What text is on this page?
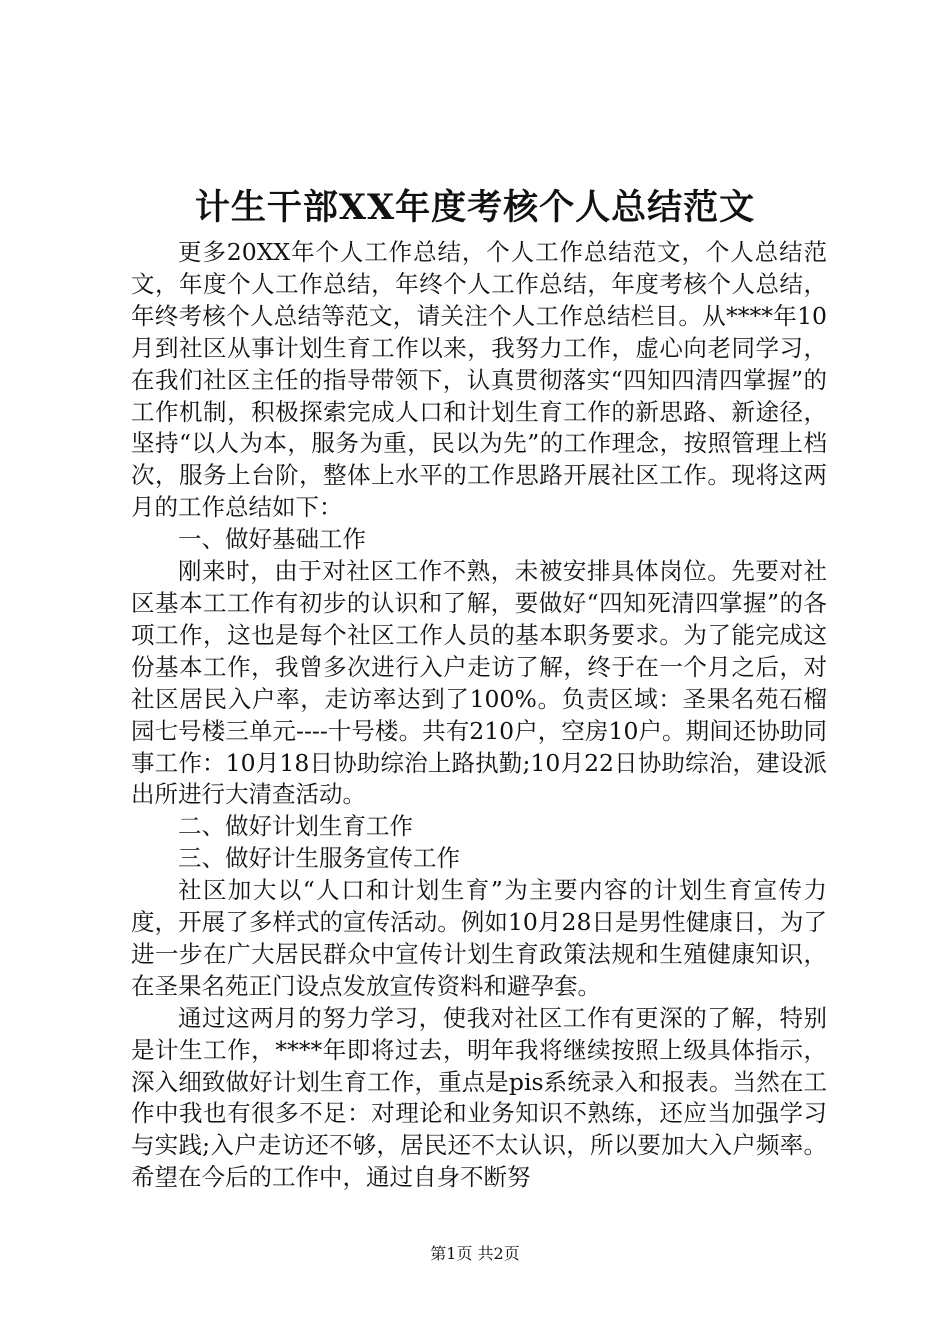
计生干部XX年度考核个人总结范文

更多20XX年个人工作总结，个人工作总结范文，个人总结范文，年度个人工作总结，年终个人工作总结，年度考核个人总结，年终考核个人总结等范文，请关注个人工作总结栏目。从****年10月到社区从事计划生育工作以来，我努力工作，虚心向老同学习，在我们社区主任的指导带领下，认真贯彻落实“四知四清四掌握”的工作机制，积极探索完成人口和计划生育工作的新思路、新途径，坚持“以人为本，服务为重，民以为先”的工作理念，按照管理上档次，服务上台阶，整体上水平的工作思路开展社区工作。现将这两月的工作总结如下：

一、做好基础工作

刚来时，由于对社区工作不熟，未被安排具体岗位。先要对社区基本工工作有初步的认识和了解，要做好“四知死清四掌握”的各项工作，这也是每个社区工作人员的基本职务要求。为了能完成这份基本工作，我曾多次进行入户走访了解，终于在一个月之后，对社区居民入户率，走访率达到了100%。负责区域：圣果名苑石榴园七号楼三单元----十号楼。共有210户，空房10户。期间还协助同事工作：10月18日协助综治上路执勤;10月22日协助综治，建设派出所进行大清查活动。

二、做好计划生育工作

三、做好计生服务宣传工作

社区加大以“人口和计划生育”为主要内容的计划生育宣传力度，开展了多样式的宣传活动。例如10月28日是男性健康日，为了进一步在广大居民群众中宣传计划生育政策法规和生殖健康知识，在圣果名苑正门设点发放宣传资料和避孕套。

通过这两月的努力学习，使我对社区工作有更深的了解，特别是计生工作，****年即将过去，明年我将继续按照上级具体指示，深入细致做好计划生育工作，重点是pis系统录入和报表。当然在工作中我也有很多不足：对理论和业务知识不熟练，还应当加强学习与实践;入户走访还不够，居民还不太认识，所以要加大入户频率。希望在今后的工作中，通过自身不断努

第1页 共2页
